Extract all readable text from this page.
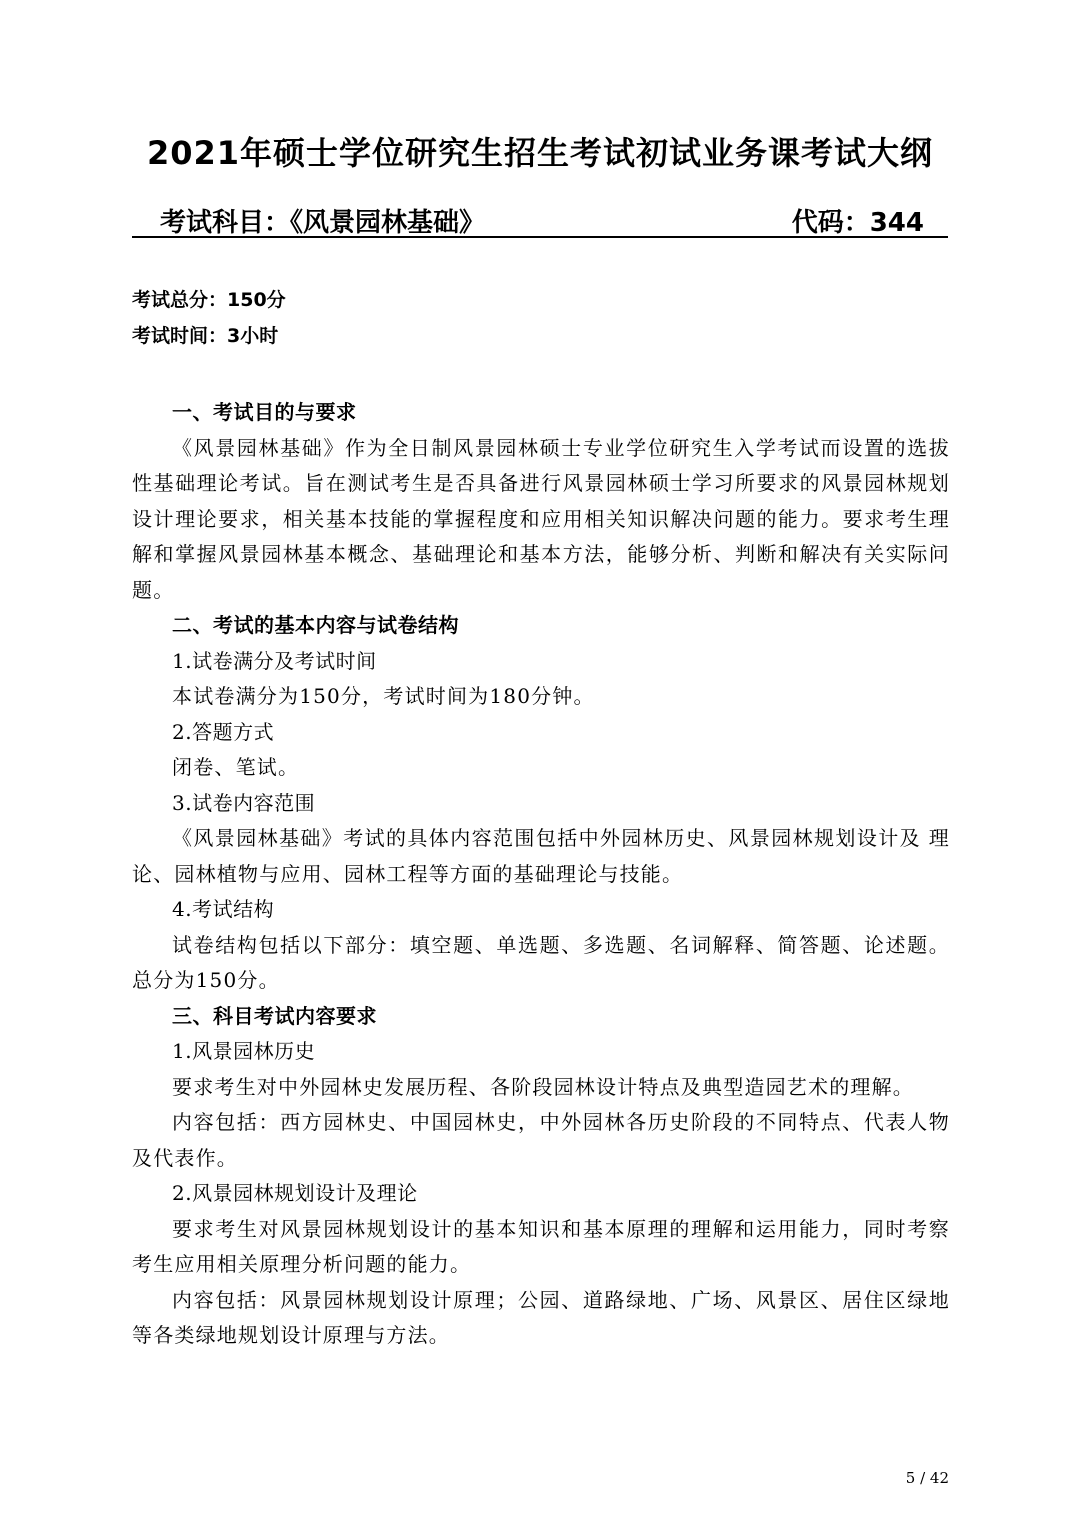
2021年硕士学位研究生招生考试初试业务课考试大纲
考试科目：《风景园林基础》	代码：344
考试总分：150分
考试时间：3小时

一、考试目的与要求

《风景园林基础》作为全日制风景园林硕士专业学位研究生入学考试而设置的选拔性基础理论考试。旨在测试考生是否具备进行风景园林硕士学习所要求的风景园林规划设计理论要求，相关基本技能的掌握程度和应用相关知识解决问题的能力。要求考生理解和掌握风景园林基本概念、基础理论和基本方法，能够分析、判断和解决有关实际问题。

二、考试的基本内容与试卷结构

1.试卷满分及考试时间

本试卷满分为150分，考试时间为180分钟。

2.答题方式

闭卷、笔试。

3.试卷内容范围

《风景园林基础》考试的具体内容范围包括中外园林历史、风景园林规划设计及 理论、园林植物与应用、园林工程等方面的基础理论与技能。

4.考试结构

试卷结构包括以下部分：填空题、单选题、多选题、名词解释、简答题、论述题。总分为150分。

三、科目考试内容要求

1.风景园林历史

要求考生对中外园林史发展历程、各阶段园林设计特点及典型造园艺术的理解。

内容包括：西方园林史、中国园林史，中外园林各历史阶段的不同特点、代表人物及代表作。

2.风景园林规划设计及理论

要求考生对风景园林规划设计的基本知识和基本原理的理解和运用能力，同时考察考生应用相关原理分析问题的能力。

内容包括：风景园林规划设计原理；公园、道路绿地、广场、风景区、居住区绿地等各类绿地规划设计原理与方法。

5 / 42
